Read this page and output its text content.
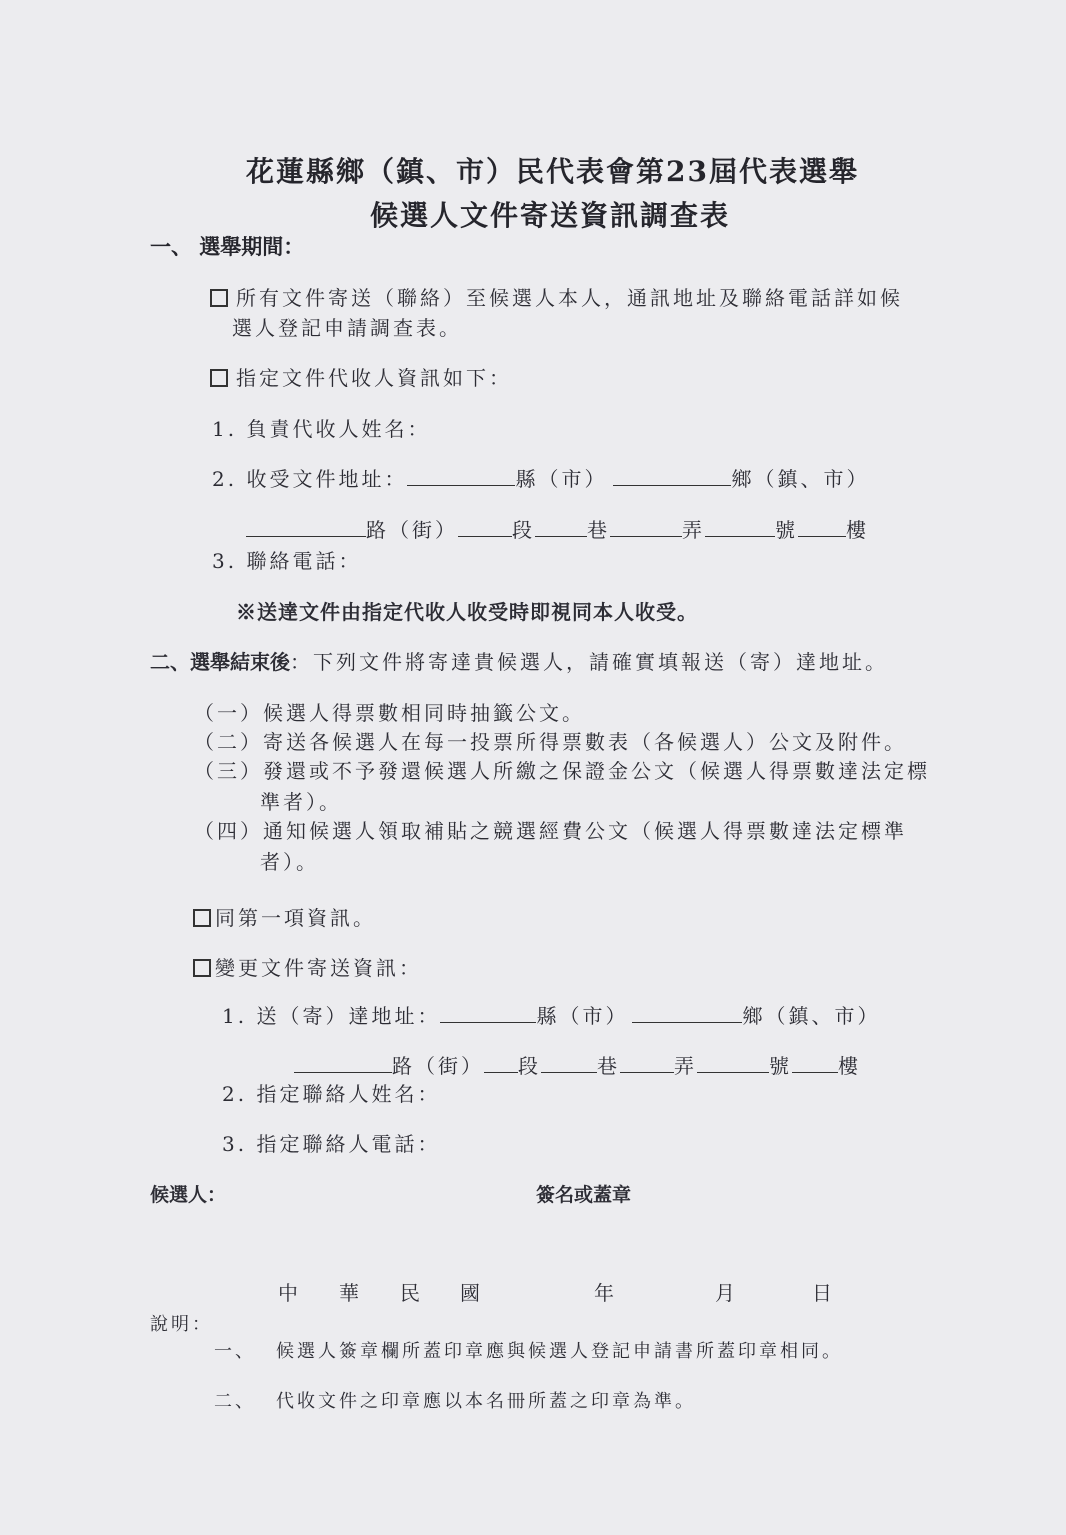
花蓮縣鄉（鎮、市）民代表會第23屆代表選舉
候選人文件寄送資訊調查表
一、 選舉期間：
所有文件寄送（聯絡）至候選人本人，通訊地址及聯絡電話詳如候
選人登記申請調查表。
指定文件代收人資訊如下：
1. 負責代收人姓名：
2. 收受文件地址：	縣（市）	鄉（鎮、市）
路（街）	段	巷	弄	號 樓
3. 聯絡電話：
※送達文件由指定代收人收受時即視同本人收受。
二、選舉結束後：下列文件將寄達貴候選人，請確實填報送（寄）達地址。
（一）候選人得票數相同時抽籤公文。
（二）寄送各候選人在每一投票所得票數表（各候選人）公文及附件。
（三）發還或不予發還候選人所繳之保證金公文（候選人得票數達法定標
準者）。
（四）通知候選人領取補貼之競選經費公文（候選人得票數達法定標準
者）。
同第一項資訊。
變更文件寄送資訊：
1. 送（寄）達地址：	縣（市）	鄉（鎮、市）
路（街） 段	巷	弄	號 樓
2. 指定聯絡人姓名：
3. 指定聯絡人電話：
候選人：	簽名或蓋章
中 華 民 國	年	月	日
說明：
一、 候選人簽章欄所蓋印章應與候選人登記申請書所蓋印章相同。
二、 代收文件之印章應以本名冊所蓋之印章為準。
